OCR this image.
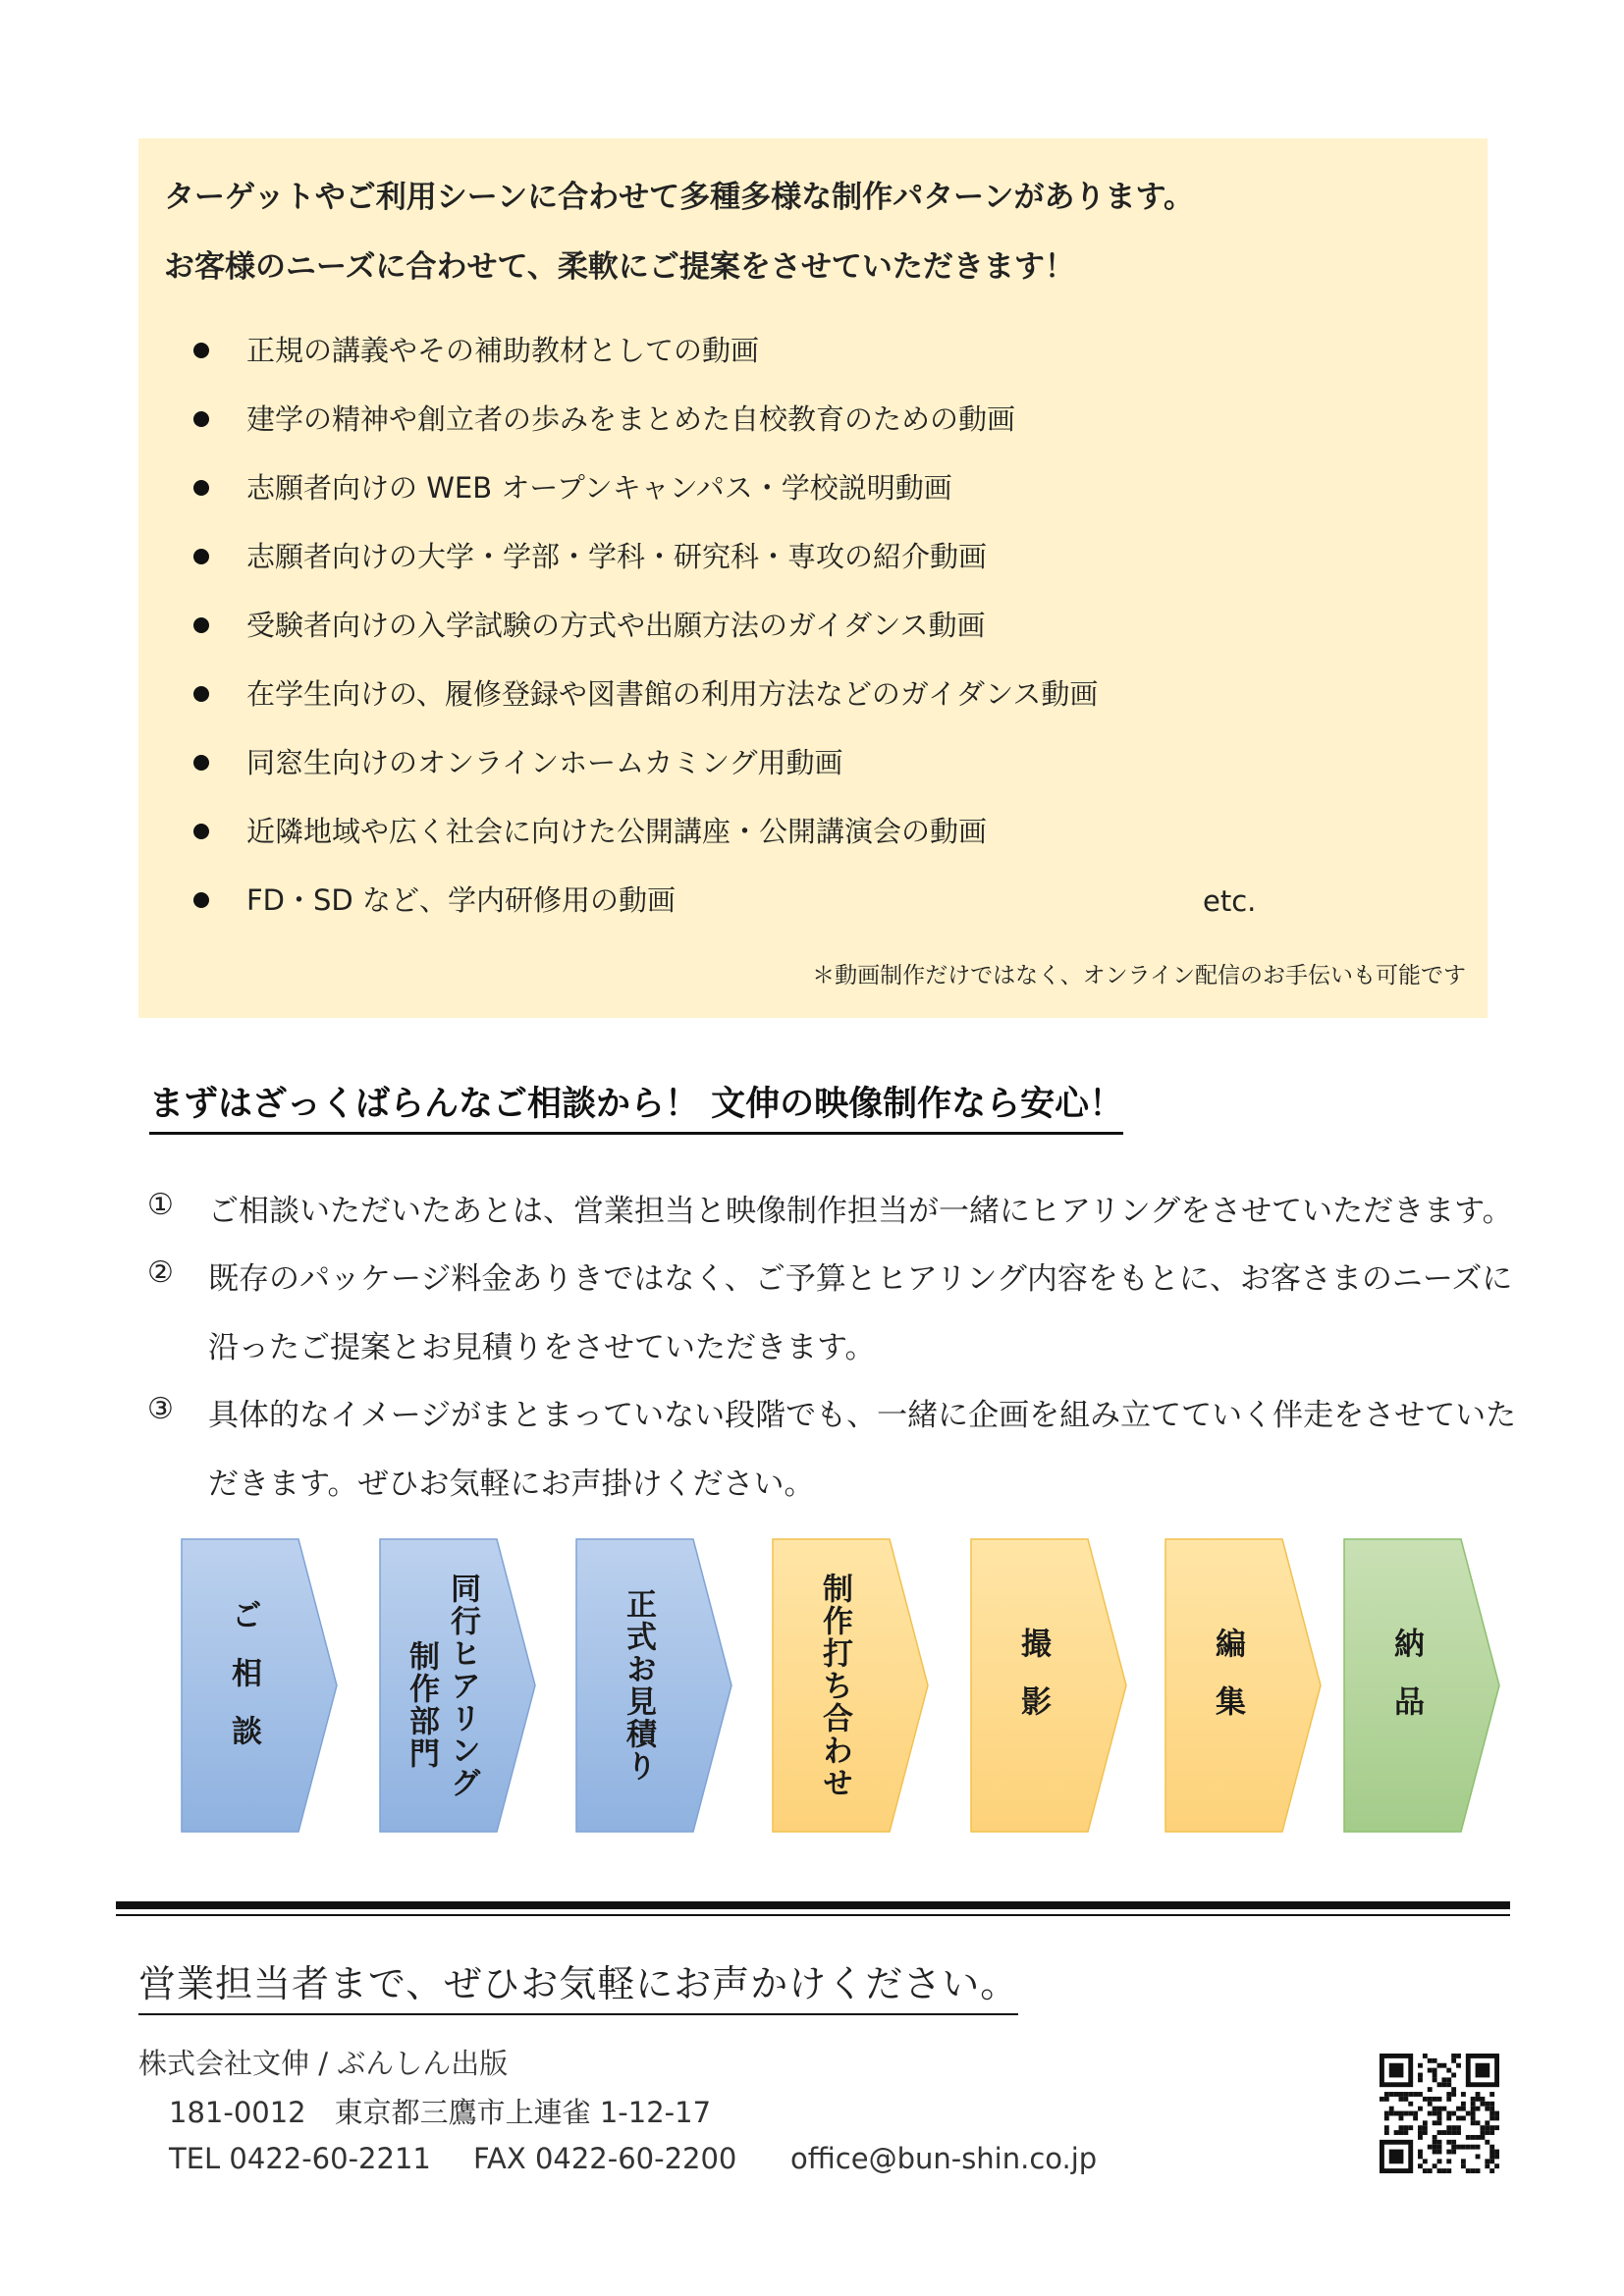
ターゲットやご利用シーンに合わせて多種多様な制作パターンがあります。
お客様のニーズに合わせて、柔軟にご提案をさせていただきます！
正規の講義やその補助教材としての動画
建学の精神や創立者の歩みをまとめた自校教育のための動画
志願者向けの WEB オープンキャンパス・学校説明動画
志願者向けの大学・学部・学科・研究科・専攻の紹介動画
受験者向けの入学試験の方式や出願方法のガイダンス動画
在学生向けの、履修登録や図書館の利用方法などのガイダンス動画
同窓生向けのオンラインホームカミング用動画
近隣地域や広く社会に向けた公開講座・公開講演会の動画
FD・SD など、学内研修用の動画	etc.
＊動画制作だけではなく、オンライン配信のお手伝いも可能です
まずはざっくばらんなご相談から！ 文伸の映像制作なら安心！
① ご相談いただいたあとは、営業担当と映像制作担当が一緒にヒアリングをさせていただきます。
② 既存のパッケージ料金ありきではなく、ご予算とヒアリング内容をもとに、お客さまのニーズに
沿ったご提案とお見積りをさせていただきます。
③ 具体的なイメージがまとまっていない段階でも、一緒に企画を組み立てていく伴走をさせていた
だきます。ぜひお気軽にお声掛けください。
ご相談	同行ヒアリング
制作部門	正式お見積り	制作打ち合わせ	撮影	編集	納品
営業担当者まで、ぜひお気軽にお声かけください。
株式会社文伸 / ぶんしん出版
181-0012　東京都三鷹市上連雀 1-12-17
TEL 0422-60-2211 FAX 0422-60-2200 office@bun-shin.co.jp
